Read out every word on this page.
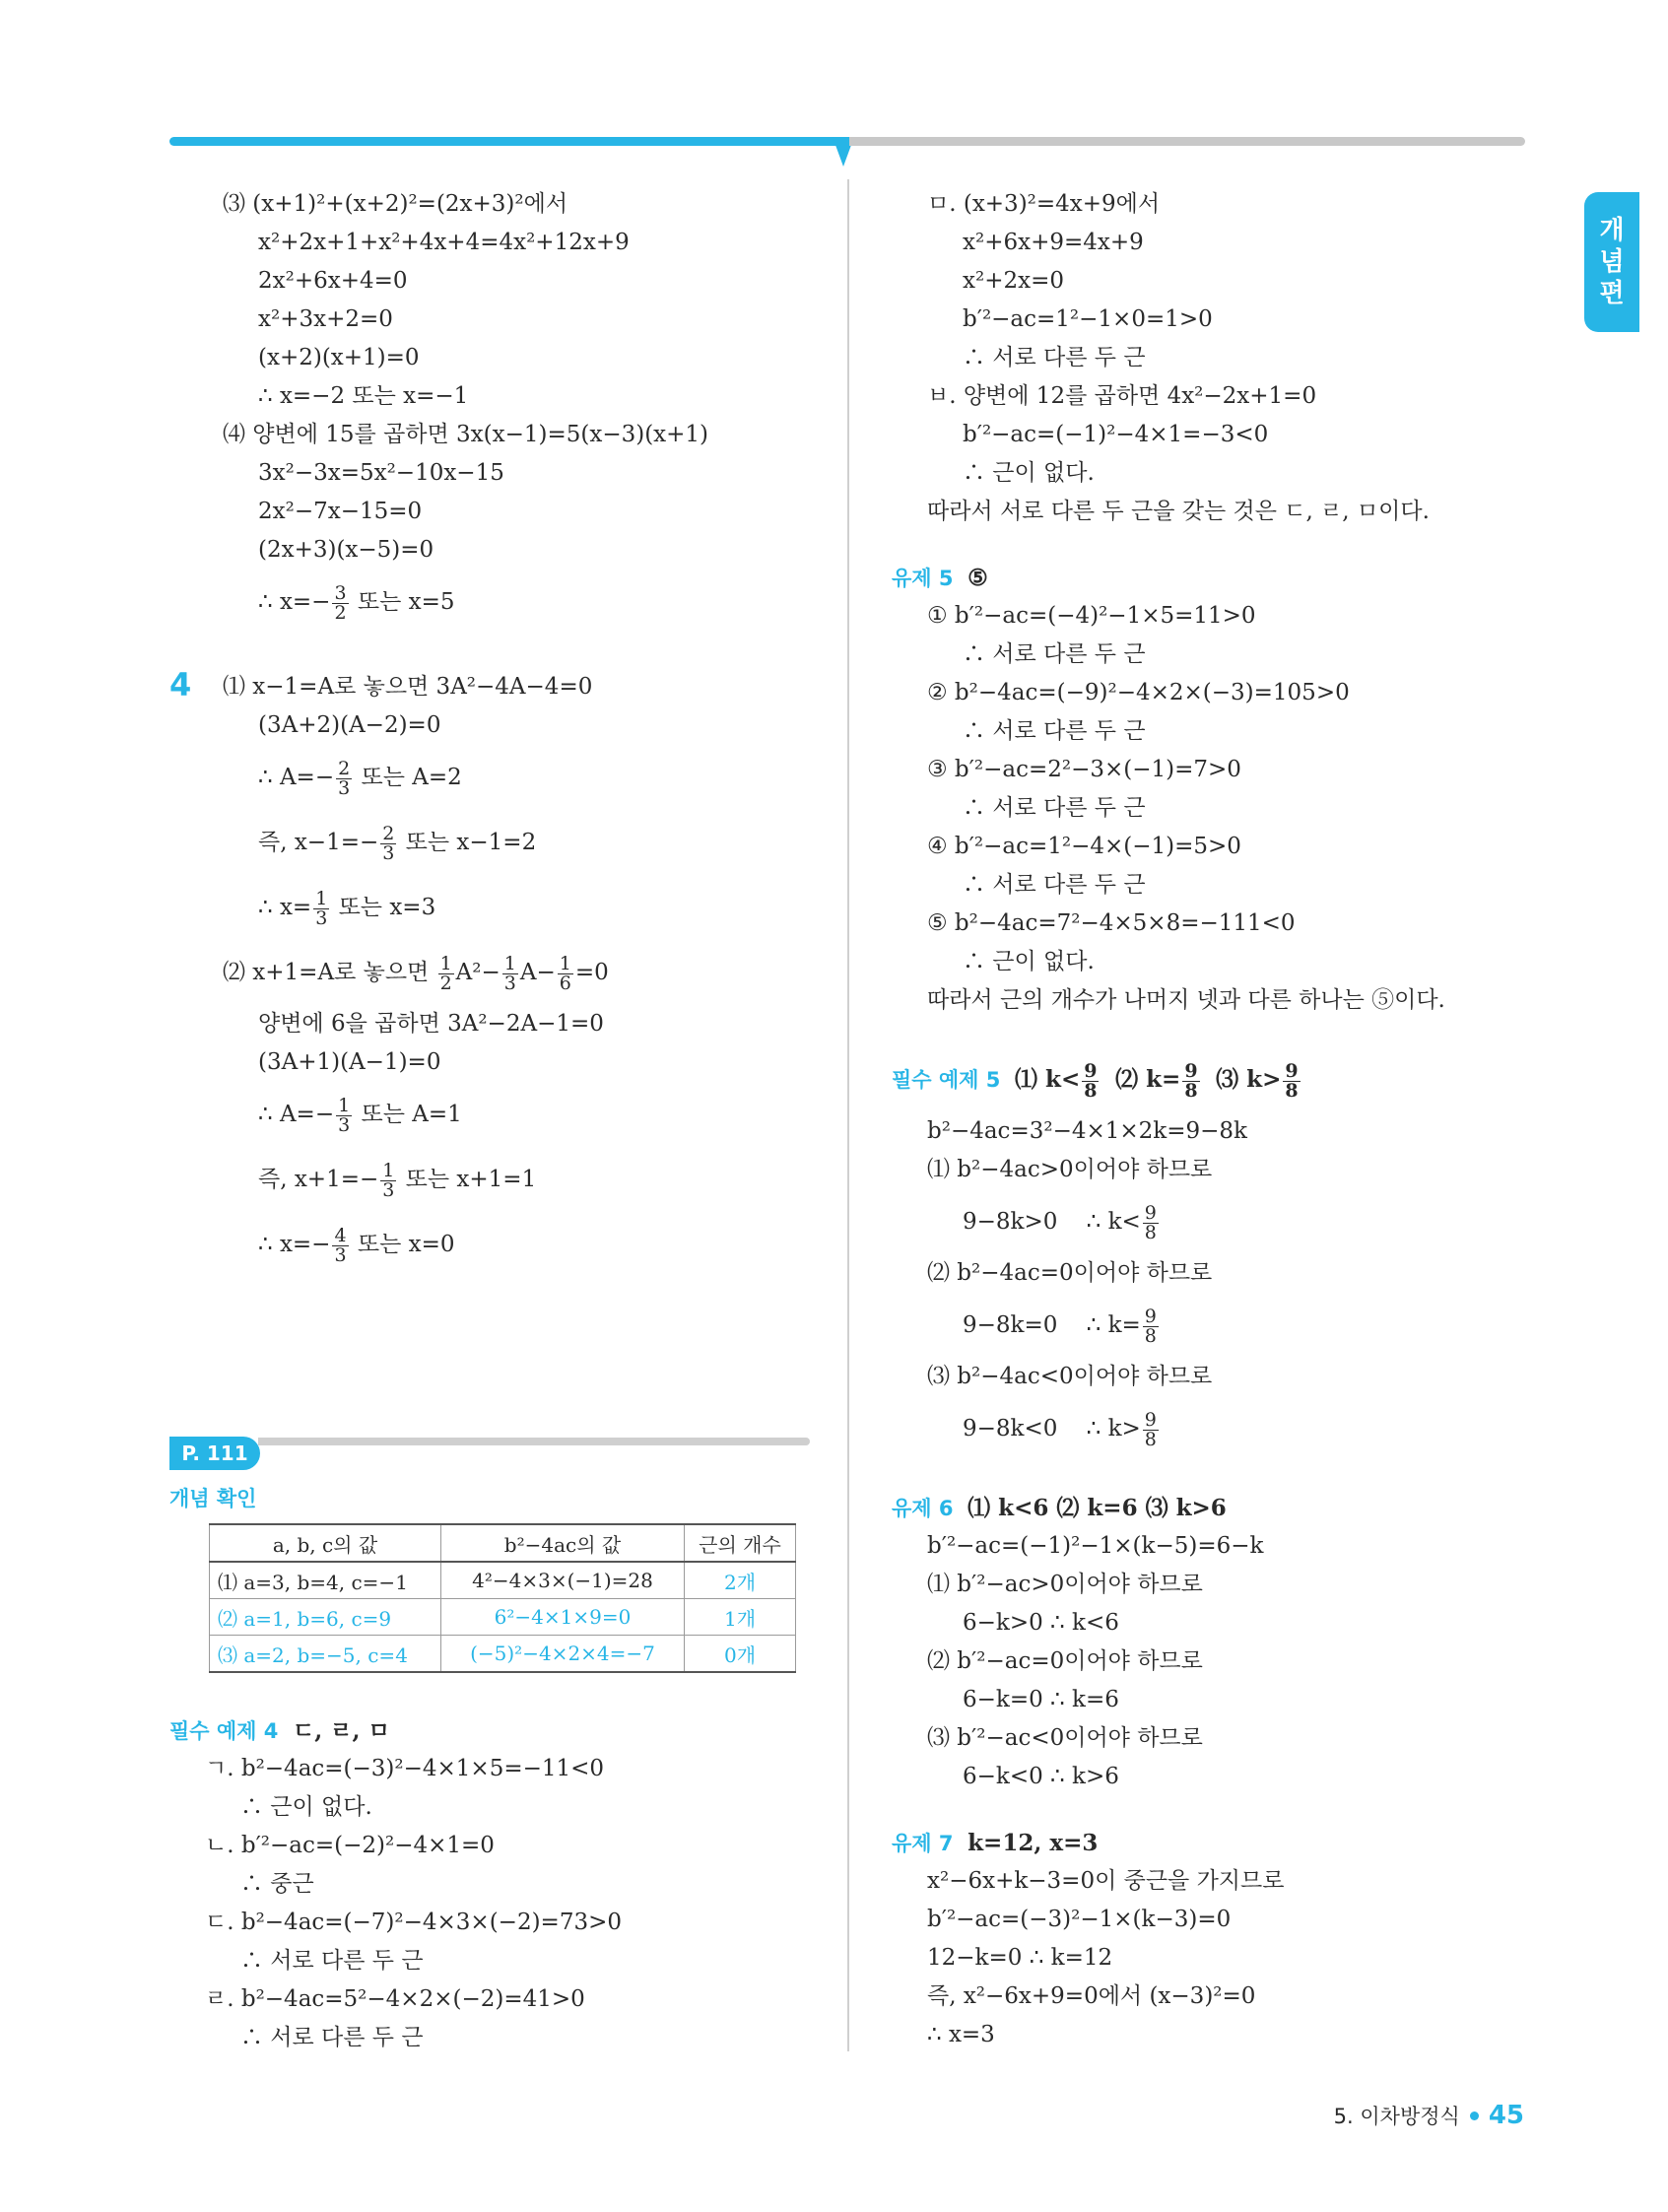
개
념
편
⑶ (x+1)²+(x+2)²=(2x+3)²에서
x²+2x+1+x²+4x+4=4x²+12x+9
2x²+6x+4=0
x²+3x+2=0
(x+2)(x+1)=0
∴ x=−2 또는 x=−1
⑷ 양변에 15를 곱하면 3x(x−1)=5(x−3)(x+1)
3x²−3x=5x²−10x−15
2x²−7x−15=0
(2x+3)(x−5)=0
∴ $x=- \frac{3}{2}$ 또는 x=5
4 ⑴ x−1=A로 놓으면 3A²−4A−4=0
(3A+2)(A−2)=0
∴ $A=- \frac{2}{3}$ 또는 A=2
즉, $x-1=- \frac{2}{3}$ 또는 x−1=2
∴ $x= \frac{1}{3}$ 또는 x=3
⑵ x+1=A로 놓으면 $\frac{1}{2} A^2- \frac{1}{3} A- \frac{1}{6} =0$
양변에 6을 곱하면 3A²−2A−1=0
(3A+1)(A−1)=0
∴ $A=- \frac{1}{3}$ 또는 A=1
즉, $x+1=- \frac{1}{3}$ 또는 x+1=1
∴ $x=- \frac{4}{3}$ 또는 x=0
P. 111
개념 확인
a, b, c의 값	b²−4ac의 값	근의 개수
⑴ a=3, b=4, c=−1	4²−4×3×(−1)=28	2개
⑵ a=1, b=6, c=9	6²−4×1×9=0	1개
⑶ a=2, b=−5, c=4	(−5)²−4×2×4=−7	0개
필수 예제 4 ㄷ, ㄹ, ㅁ
ㄱ. b²−4ac=(−3)²−4×1×5=−11<0
∴ 근이 없다.
ㄴ. b′²−ac=(−2)²−4×1=0
∴ 중근
ㄷ. b²−4ac=(−7)²−4×3×(−2)=73>0
∴ 서로 다른 두 근
ㄹ. b²−4ac=5²−4×2×(−2)=41>0
∴ 서로 다른 두 근
ㅁ. (x+3)²=4x+9에서
x²+6x+9=4x+9
x²+2x=0
b′²−ac=1²−1×0=1>0
∴ 서로 다른 두 근
ㅂ. 양변에 12를 곱하면 4x²−2x+1=0
b′²−ac=(−1)²−4×1=−3<0
∴ 근이 없다.
따라서 서로 다른 두 근을 갖는 것은 ㄷ, ㄹ, ㅁ이다.
유제 5 ⑤
① b′²−ac=(−4)²−1×5=11>0
∴ 서로 다른 두 근
② b²−4ac=(−9)²−4×2×(−3)=105>0
∴ 서로 다른 두 근
③ b′²−ac=2²−3×(−1)=7>0
∴ 서로 다른 두 근
④ b′²−ac=1²−4×(−1)=5>0
∴ 서로 다른 두 근
⑤ b²−4ac=7²−4×5×8=−111<0
∴ 근이 없다.
따라서 근의 개수가 나머지 넷과 다른 하나는 ⑤이다.
필수 예제 5 ⑴ $k< \frac{9}{8}$ ⑵ $k= \frac{9}{8}$ ⑶ $k> \frac{9}{8}$
b²−4ac=3²−4×1×2k=9−8k
⑴ b²−4ac>0이어야 하므로
9−8k>0 ∴ $k< \frac{9}{8}$
⑵ b²−4ac=0이어야 하므로
9−8k=0 ∴ $k= \frac{9}{8}$
⑶ b²−4ac<0이어야 하므로
9−8k<0 ∴ $k> \frac{9}{8}$
유제 6 ⑴ k<6 ⑵ k=6 ⑶ k>6
b′²−ac=(−1)²−1×(k−5)=6−k
⑴ b′²−ac>0이어야 하므로
6−k>0 ∴ k<6
⑵ b′²−ac=0이어야 하므로
6−k=0 ∴ k=6
⑶ b′²−ac<0이어야 하므로
6−k<0 ∴ k>6
유제 7 k=12, x=3
x²−6x+k−3=0이 중근을 가지므로
b′²−ac=(−3)²−1×(k−3)=0
12−k=0 ∴ k=12
즉, x²−6x+9=0에서 (x−3)²=0
∴ x=3
5. 이차방정식 45
